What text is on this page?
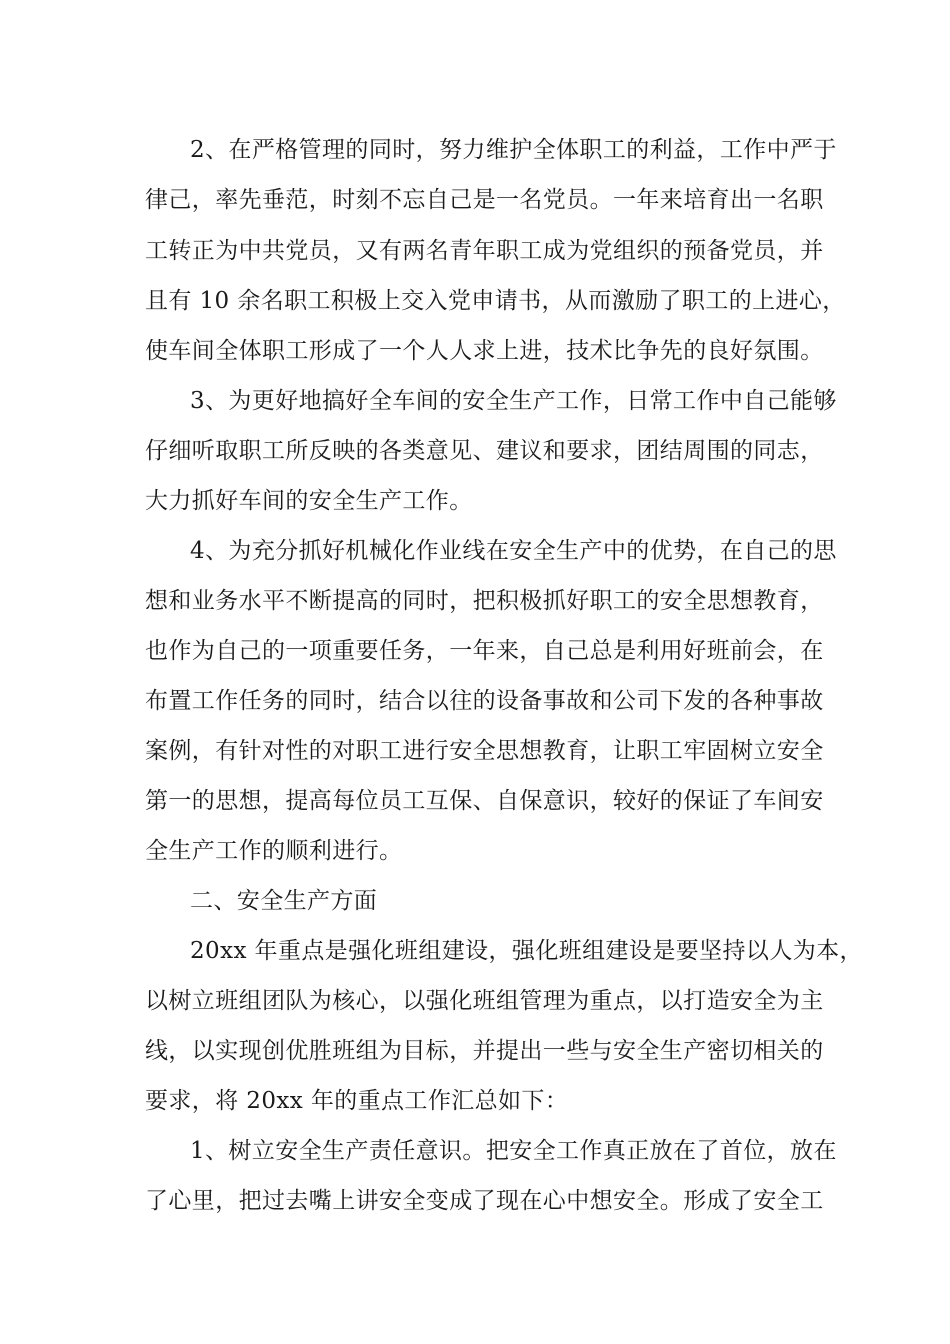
2、在严格管理的同时，努力维护全体职工的利益，工作中严于
律己，率先垂范，时刻不忘自己是一名党员。一年来培育出一名职
工转正为中共党员，又有两名青年职工成为党组织的预备党员，并
且有 10 余名职工积极上交入党申请书，从而激励了职工的上进心，
使车间全体职工形成了一个人人求上进，技术比争先的良好氛围。
3、为更好地搞好全车间的安全生产工作，日常工作中自己能够
仔细听取职工所反映的各类意见、建议和要求，团结周围的同志，
大力抓好车间的安全生产工作。
4、为充分抓好机械化作业线在安全生产中的优势，在自己的思
想和业务水平不断提高的同时，把积极抓好职工的安全思想教育，
也作为自己的一项重要任务，一年来，自己总是利用好班前会，在
布置工作任务的同时，结合以往的设备事故和公司下发的各种事故
案例，有针对性的对职工进行安全思想教育，让职工牢固树立安全
第一的思想，提高每位员工互保、自保意识，较好的保证了车间安
全生产工作的顺利进行。
二、安全生产方面
20xx 年重点是强化班组建设，强化班组建设是要坚持以人为本，
以树立班组团队为核心，以强化班组管理为重点，以打造安全为主
线，以实现创优胜班组为目标，并提出一些与安全生产密切相关的
要求，将 20xx 年的重点工作汇总如下：
1、树立安全生产责任意识。把安全工作真正放在了首位，放在
了心里，把过去嘴上讲安全变成了现在心中想安全。形成了安全工
